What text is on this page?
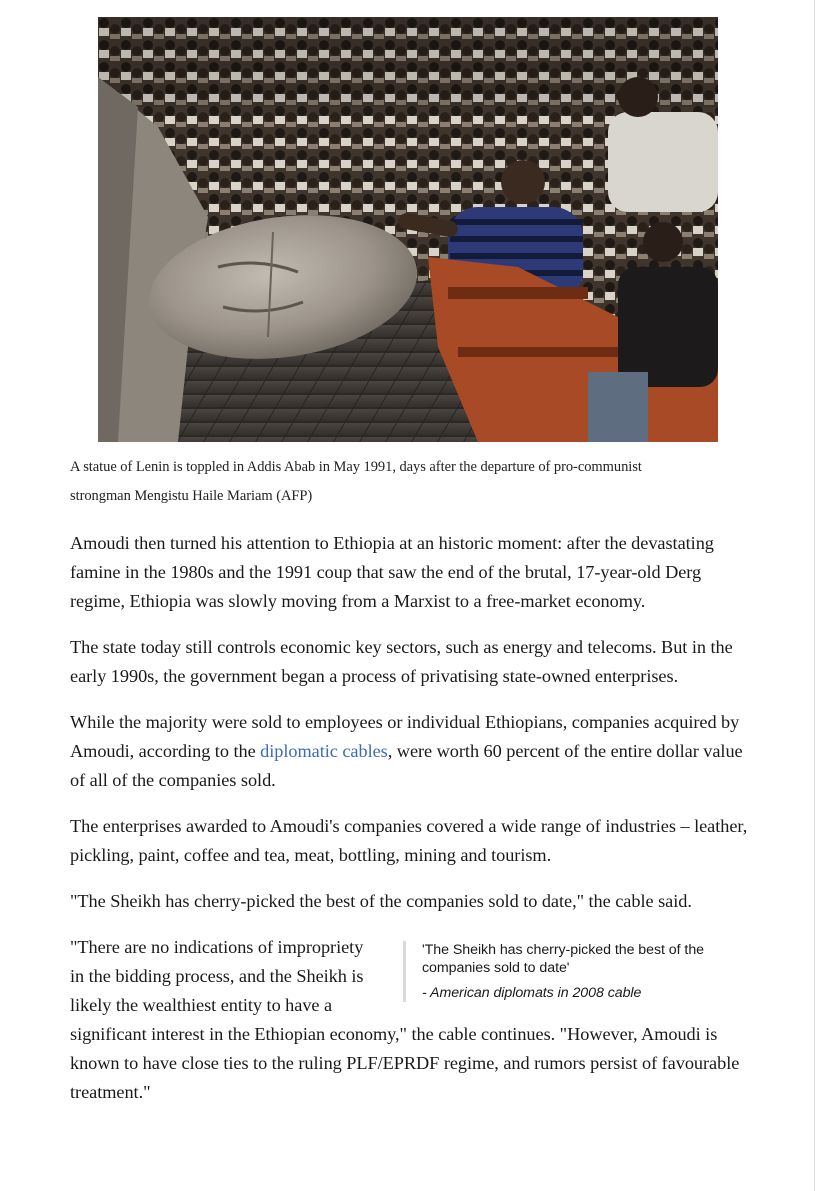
A statue of Lenin is toppled in Addis Abab in May 1991, days after the departure of pro-communist
strongman Mengistu Haile Mariam (AFP)

Amoudi then turned his attention to Ethiopia at an historic moment: after the devastating famine in the 1980s and the 1991 coup that saw the end of the brutal, 17-year-old Derg regime, Ethiopia was slowly moving from a Marxist to a free-market economy.

The state today still controls economic key sectors, such as energy and telecoms. But in the early 1990s, the government began a process of privatising state-owned enterprises.

While the majority were sold to employees or individual Ethiopians, companies acquired by Amoudi, according to the diplomatic cables, were worth 60 percent of the entire dollar value of all of the companies sold.

The enterprises awarded to Amoudi's companies covered a wide range of industries – leather, pickling, paint, coffee and tea, meat, bottling, mining and tourism.

"The Sheikh has cherry-picked the best of the companies sold to date," the cable said.

'The Sheikh has cherry-picked the best of the companies sold to date'

- American diplomats in 2008 cable

"There are no indications of impropriety in the bidding process, and the Sheikh is likely the wealthiest entity to have a significant interest in the Ethiopian economy," the cable continues. "However, Amoudi is known to have close ties to the ruling PLF/EPRDF regime, and rumors persist of favourable treatment."
